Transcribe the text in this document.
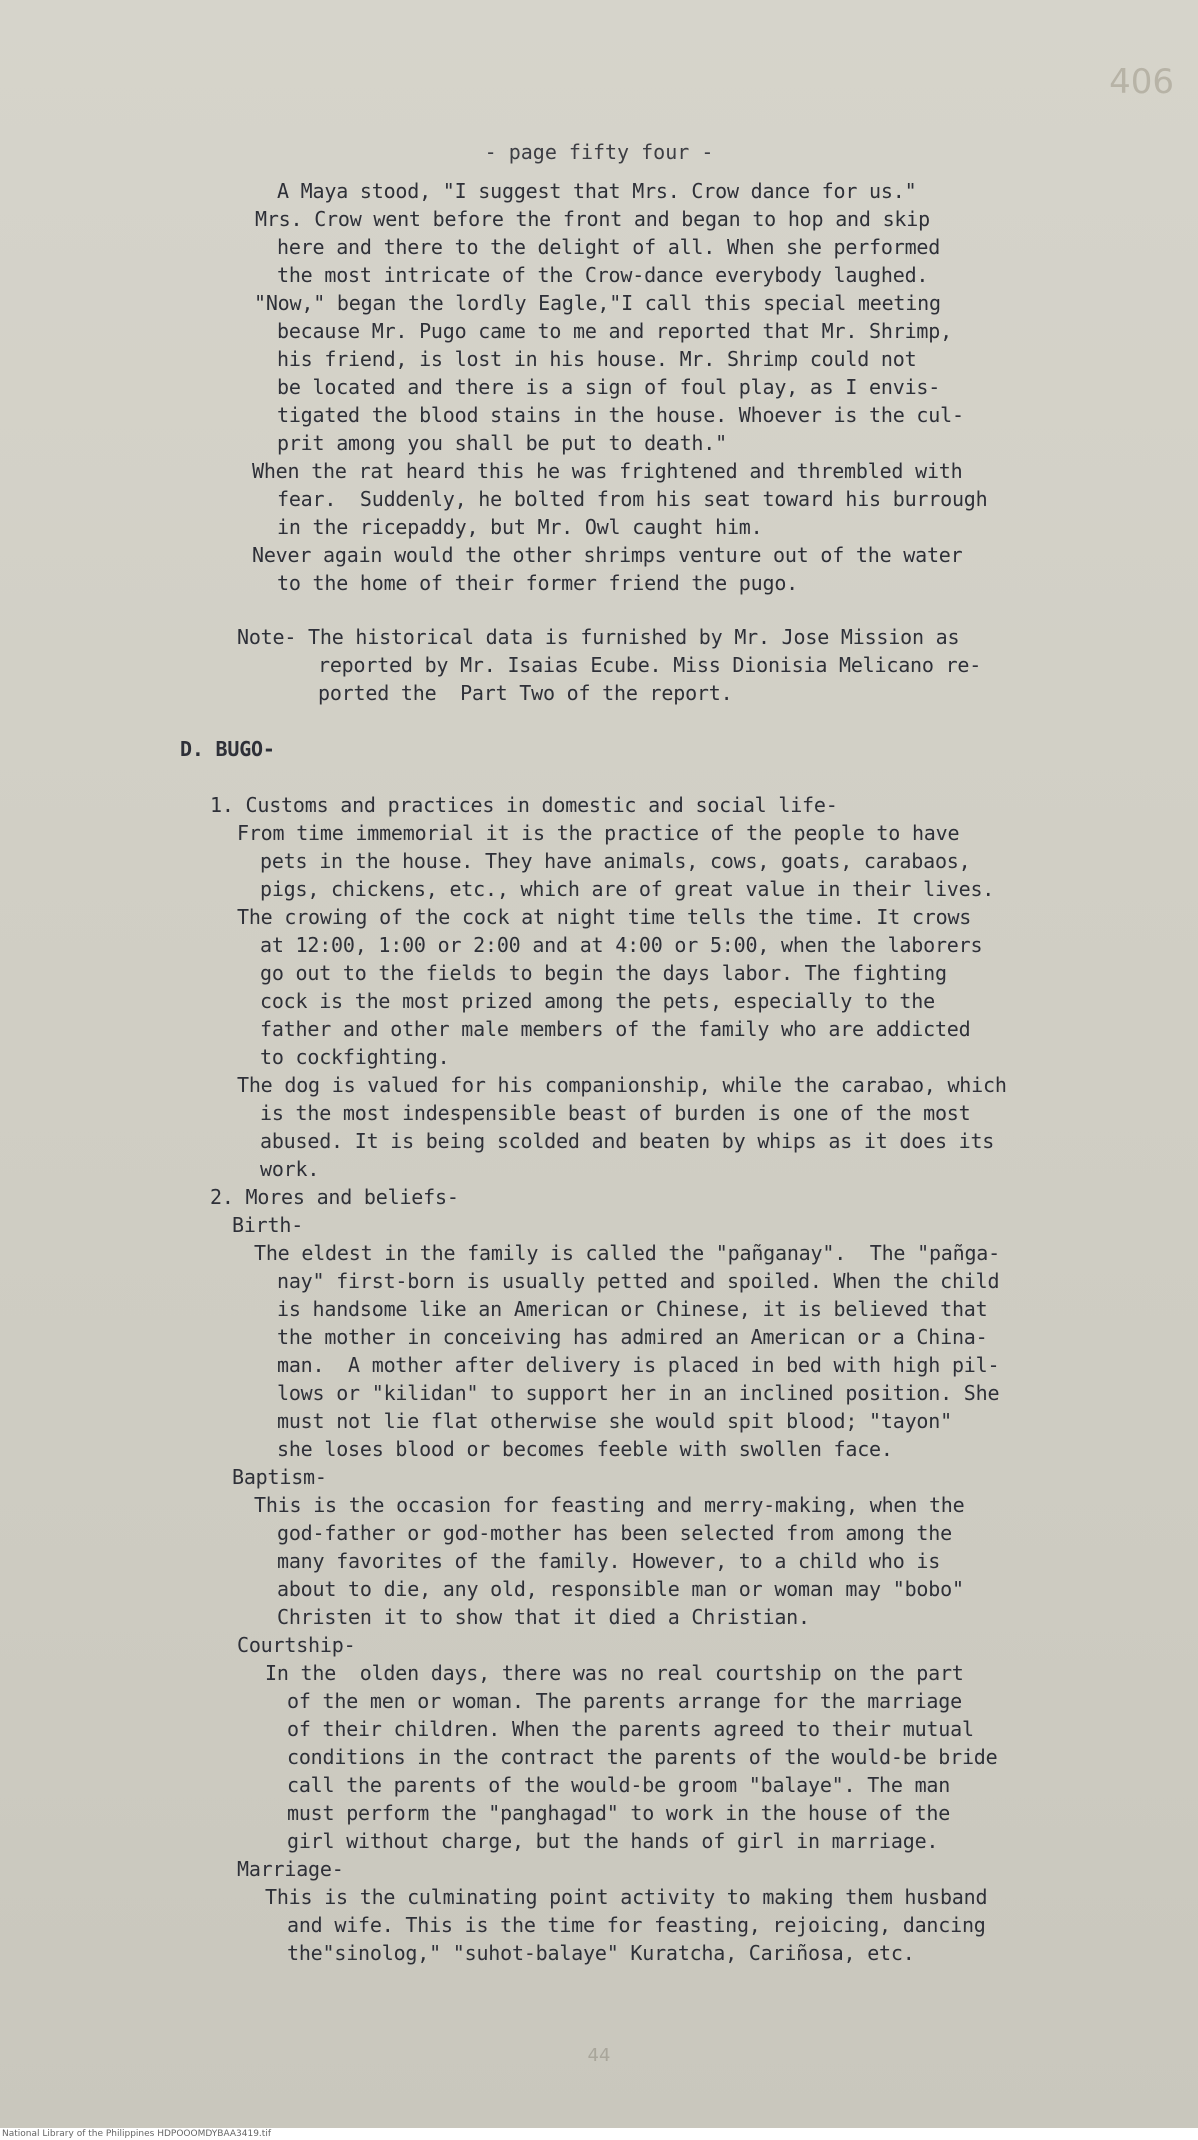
406
- page fifty four -
A Maya stood, "I suggest that Mrs. Crow dance for us."
Mrs. Crow went before the front and began to hop and skip
here and there to the delight of all. When she performed
the most intricate of the Crow-dance everybody laughed.
"Now," began the lordly Eagle,"I call this special meeting
because Mr. Pugo came to me and reported that Mr. Shrimp,
his friend, is lost in his house. Mr. Shrimp could not
be located and there is a sign of foul play, as I envis-
tigated the blood stains in the house. Whoever is the cul-
prit among you shall be put to death."
When the rat heard this he was frightened and thrembled with
fear.  Suddenly, he bolted from his seat toward his burrough
in the ricepaddy, but Mr. Owl caught him.
Never again would the other shrimps venture out of the water
to the home of their former friend the pugo.
Note- The historical data is furnished by Mr. Jose Mission as
reported by Mr. Isaias Ecube. Miss Dionisia Melicano re-
ported the  Part Two of the report.
D. BUGO-
1. Customs and practices in domestic and social life-
From time immemorial it is the practice of the people to have
pets in the house. They have animals, cows, goats, carabaos,
pigs, chickens, etc., which are of great value in their lives.
The crowing of the cock at night time tells the time. It crows
at 12:00, 1:00 or 2:00 and at 4:00 or 5:00, when the laborers
go out to the fields to begin the days labor. The fighting
cock is the most prized among the pets, especially to the
father and other male members of the family who are addicted
to cockfighting.
The dog is valued for his companionship, while the carabao, which
is the most indespensible beast of burden is one of the most
abused. It is being scolded and beaten by whips as it does its
work.
2. Mores and beliefs-
Birth-
The eldest in the family is called the "pañganay".  The "pañga-
nay" first-born is usually petted and spoiled. When the child
is handsome like an American or Chinese, it is believed that
the mother in conceiving has admired an American or a China-
man.  A mother after delivery is placed in bed with high pil-
lows or "kilidan" to support her in an inclined position. She
must not lie flat otherwise she would spit blood; "tayon"
she loses blood or becomes feeble with swollen face.
Baptism-
This is the occasion for feasting and merry-making, when the
god-father or god-mother has been selected from among the
many favorites of the family. However, to a child who is
about to die, any old, responsible man or woman may "bobo"
Christen it to show that it died a Christian.
Courtship-
In the  olden days, there was no real courtship on the part
of the men or woman. The parents arrange for the marriage
of their children. When the parents agreed to their mutual
conditions in the contract the parents of the would-be bride
call the parents of the would-be groom "balaye". The man
must perform the "panghagad" to work in the house of the
girl without charge, but the hands of girl in marriage.
Marriage-
This is the culminating point activity to making them husband
and wife. This is the time for feasting, rejoicing, dancing
the"sinolog," "suhot-balaye" Kuratcha, Cariñosa, etc.
44
National Library of the Philippines HDPOOOMDYBAA3419.tif
